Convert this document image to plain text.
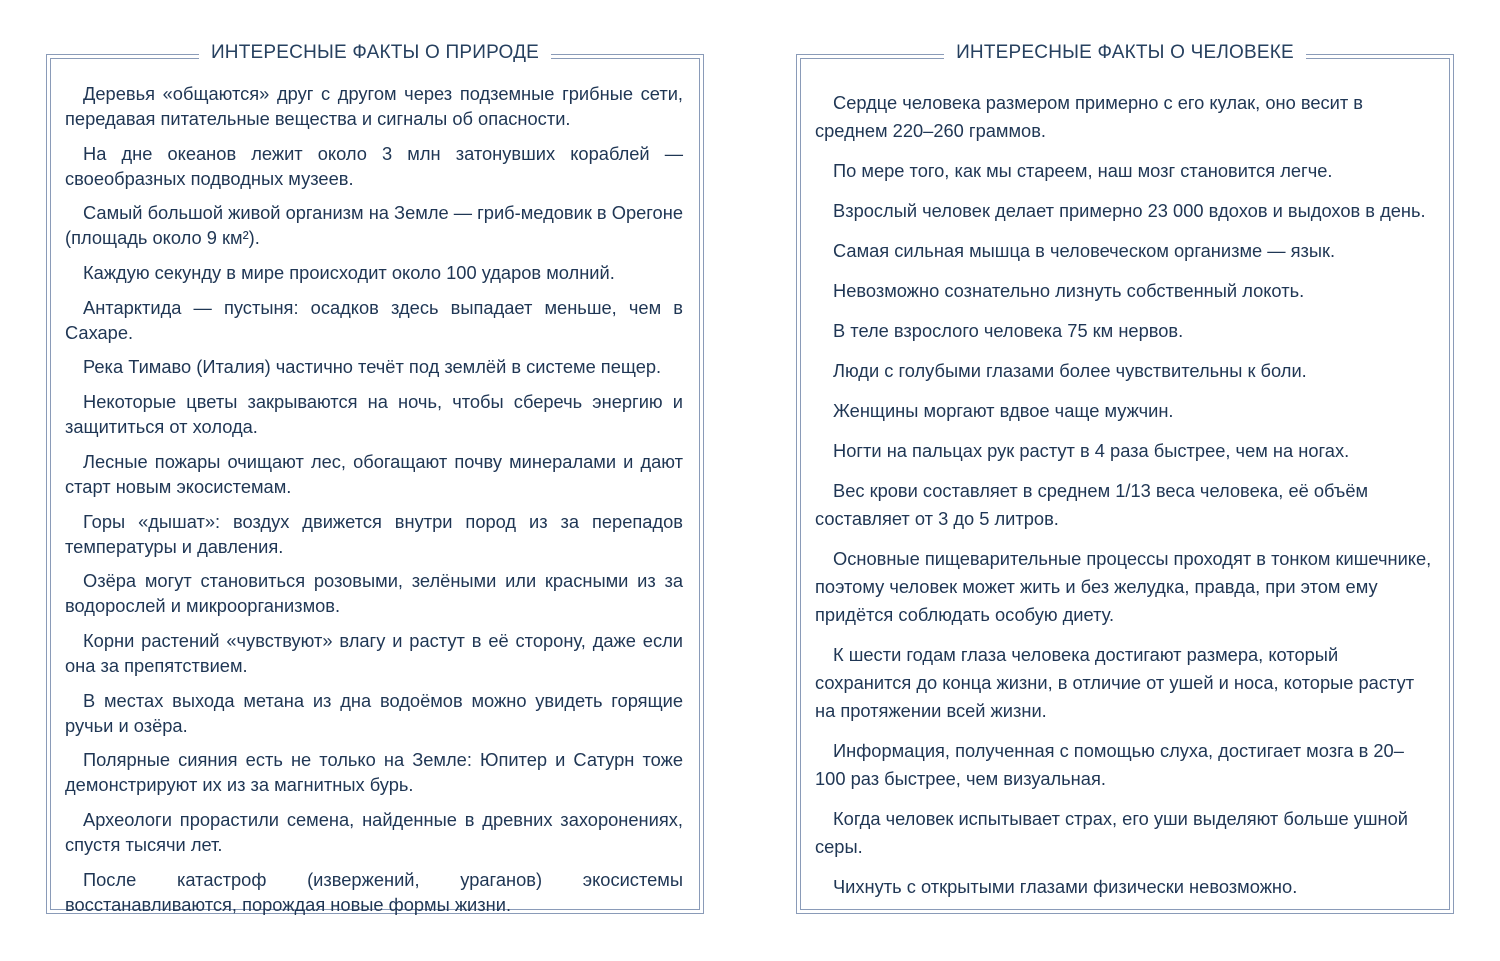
ИНТЕРЕСНЫЕ ФАКТЫ О ПРИРОДЕ

Деревья «общаются» друг с другом через подземные грибные сети, передавая питательные вещества и сигналы об опасности.

На дне океанов лежит около 3 млн затонувших кораблей — своеобразных подводных музеев.

Самый большой живой организм на Земле — гриб-медовик в Орегоне (площадь около 9 км²).

Каждую секунду в мире происходит около 100 ударов молний.

Антарктида — пустыня: осадков здесь выпадает меньше, чем в Сахаре.

Река Тимаво (Италия) частично течёт под землёй в системе пещер.

Некоторые цветы закрываются на ночь, чтобы сберечь энергию и защититься от холода.

Лесные пожары очищают лес, обогащают почву минералами и дают старт новым экосистемам.

Горы «дышат»: воздух движется внутри пород из за перепадов температуры и давления.

Озёра могут становиться розовыми, зелёными или красными из за водорослей и микроорганизмов.

Корни растений «чувствуют» влагу и растут в её сторону, даже если она за препятствием.

В местах выхода метана из дна водоёмов можно увидеть горящие ручьи и озёра.

Полярные сияния есть не только на Земле: Юпитер и Сатурн тоже демонстрируют их из за магнитных бурь.

Археологи прорастили семена, найденные в древних захоронениях, спустя тысячи лет.

После катастроф (извержений, ураганов) экосистемы восстанавливаются, порождая новые формы жизни.

ИНТЕРЕСНЫЕ ФАКТЫ О ЧЕЛОВЕКЕ

Сердце человека размером примерно с его кулак, оно весит в среднем 220–260 граммов.

По мере того, как мы стареем, наш мозг становится легче.

Взрослый человек делает примерно 23 000 вдохов и выдохов в день.

Самая сильная мышца в человеческом организме — язык.

Невозможно сознательно лизнуть собственный локоть.

В теле взрослого человека 75 км нервов.

Люди с голубыми глазами более чувствительны к боли.

Женщины моргают вдвое чаще мужчин.

Ногти на пальцах рук растут в 4 раза быстрее, чем на ногах.

Вес крови составляет в среднем 1/13 веса человека, её объём составляет от 3 до 5 литров.

Основные пищеварительные процессы проходят в тонком кишечнике, поэтому человек может жить и без желудка, правда, при этом ему придётся соблюдать особую диету.

К шести годам глаза человека достигают размера, который сохранится до конца жизни, в отличие от ушей и носа, которые растут на протяжении всей жизни.

Информация, полученная с помощью слуха, достигает мозга в 20–100 раз быстрее, чем визуальная.

Когда человек испытывает страх, его уши выделяют больше ушной серы.

Чихнуть с открытыми глазами физически невозможно.
